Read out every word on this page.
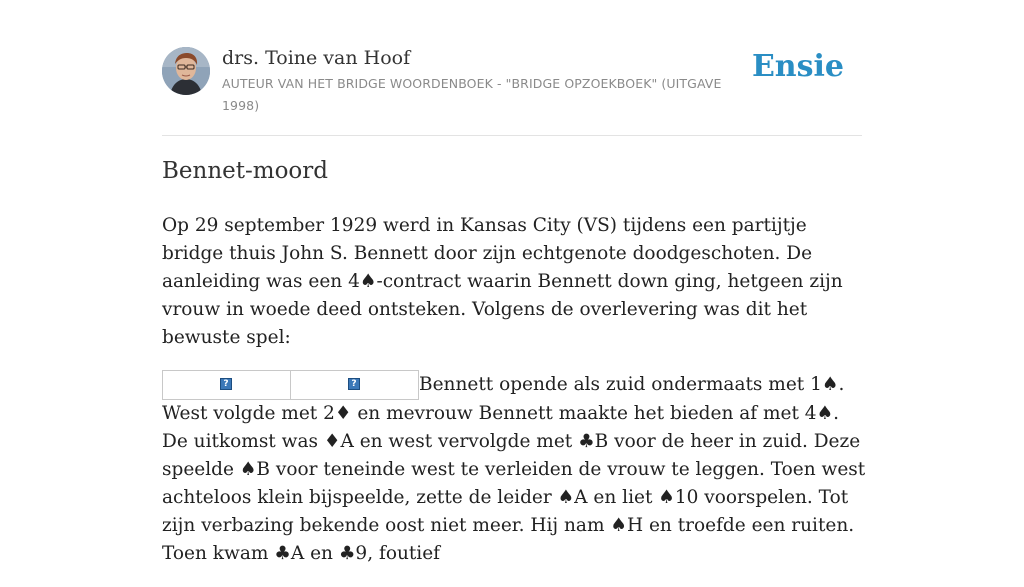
drs. Toine van Hoof
AUTEUR VAN HET BRIDGE WOORDENBOEK - "BRIDGE OPZOEKBOEK" (UITGAVE 1998)
Ensie
Bennet-moord

Op 29 september 1929 werd in Kansas City (VS) tijdens een partijtje bridge thuis John S. Bennett door zijn echtgenote doodgeschoten. De aanleiding was een 4♠-contract waarin Bennett down ging, hetgeen zijn vrouw in woede deed ontsteken. Volgens de overlevering was dit het bewuste spel:

?	?	Bennett opende als zuid ondermaats met 1♠. West volgde met 2♦ en mevrouw Bennett maakte het bieden af met 4♠. De uitkomst was ♦A en west vervolgde met ♣B voor de heer in zuid. Deze speelde ♠B voor teneinde west te verleiden de vrouw te leggen. Toen west achteloos klein bijspeelde, zette de leider ♠A en liet ♠10 voorspelen. Tot zijn verbazing bekende oost niet meer. Hij nam ♠H en troefde een ruiten. Toen kwam ♣A en ♣9, foutief
